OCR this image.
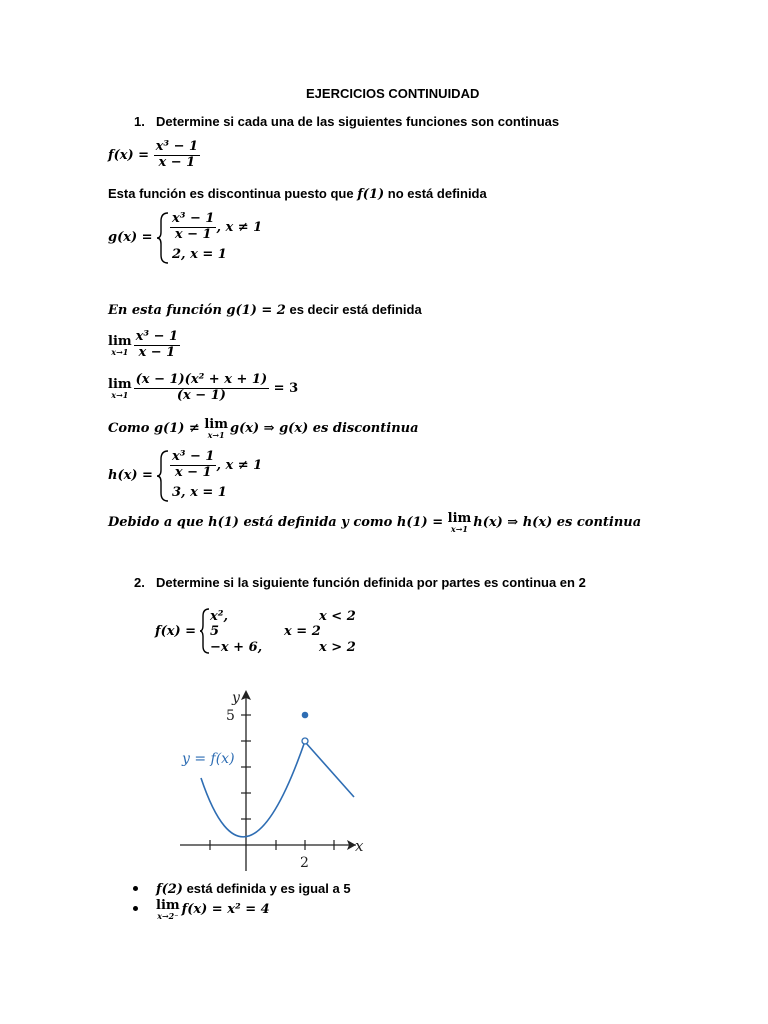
EJERCICIOS CONTINUIDAD
1. Determine si cada una de las siguientes funciones son continuas
$f(x) = \frac{\text{x³ − 1}}{x - 1}$
Esta función es discontinua puesto que f(1) no está definida
$g(x) = \frac{\text{x³ − 1}}{x - 1}$ , x ≠ 1
2, x = 1
En esta función g(1) = 2 es decir está definida
lim
$x\to 1 \frac{\text{x³ − 1}}{x - 1}$
lim
$x\to 1 \frac{\text{(x − 1)(x² + x + 1)}}{(x - 1)} = 3$
Como g(1) ≠ lim
x→1 g(x) ⇒ g(x) es discontinua
$h(x) = \frac{\text{x³ − 1}}{x - 1}$ , x ≠ 1
3, x = 1
Debido a que h(1) está definida y como h(1) = lim
x→1 h(x) ⇒ h(x) es continua
2. Determine si la siguiente función definida por partes es continua en 2
f(x) =
x²,	x < 2
5	x = 2
−x + 6,	x > 2
y
5
x
2
y = f(x)
f(2) está definida y es igual a 5
lim
x→2⁻ f(x) = x² = 4
